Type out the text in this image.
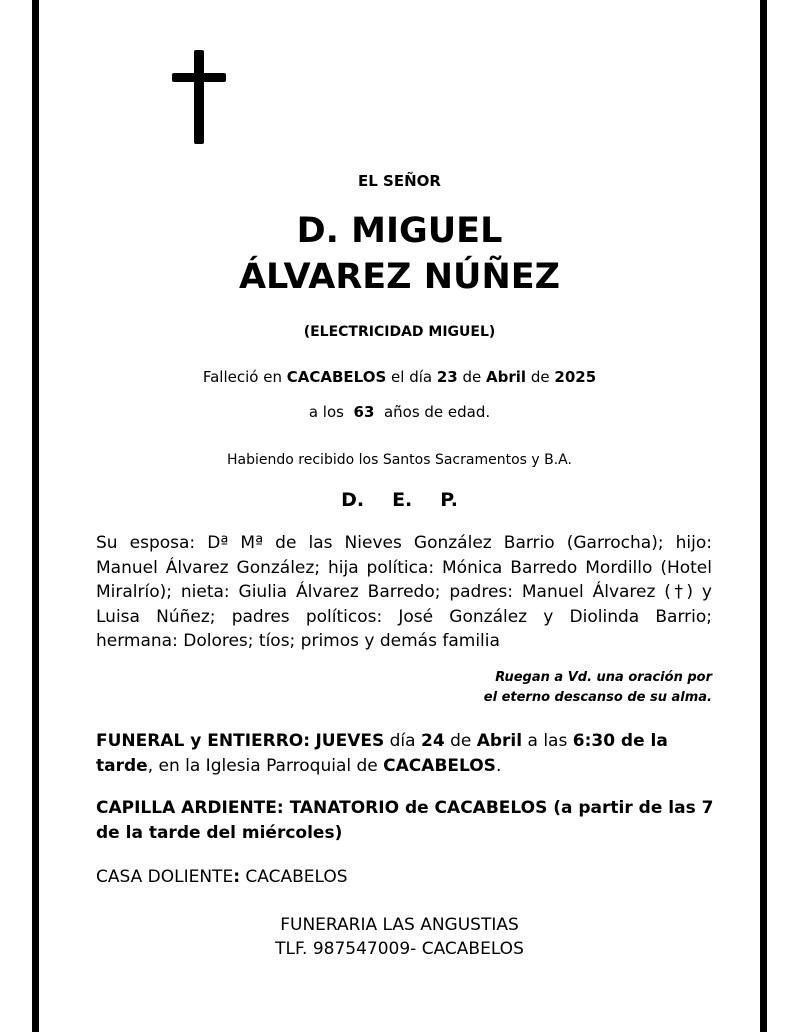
EL SEÑOR
D. MIGUEL
ÁLVAREZ NÚÑEZ
(ELECTRICIDAD MIGUEL)
Falleció en CACABELOS el día 23 de Abril de 2025
a los 63 años de edad.
Habiendo recibido los Santos Sacramentos y B.A.
D. E. P.
Su esposa: Dª Mª de las Nieves González Barrio (Garrocha); hijo: Manuel Álvarez González; hija política: Mónica Barredo Mordillo (Hotel Miralrío); nieta: Giulia Álvarez Barredo; padres: Manuel Álvarez (†) y Luisa Núñez; padres políticos: José González y Diolinda Barrio; hermana: Dolores; tíos; primos y demás familia
Ruegan a Vd. una oración por
el eterno descanso de su alma.
FUNERAL y ENTIERRO: JUEVES día 24 de Abril a las 6:30 de la tarde, en la Iglesia Parroquial de CACABELOS.
CAPILLA ARDIENTE: TANATORIO de CACABELOS (a partir de las 7 de la tarde del miércoles)
CASA DOLIENTE: CACABELOS
FUNERARIA LAS ANGUSTIAS
TLF. 987547009- CACABELOS
